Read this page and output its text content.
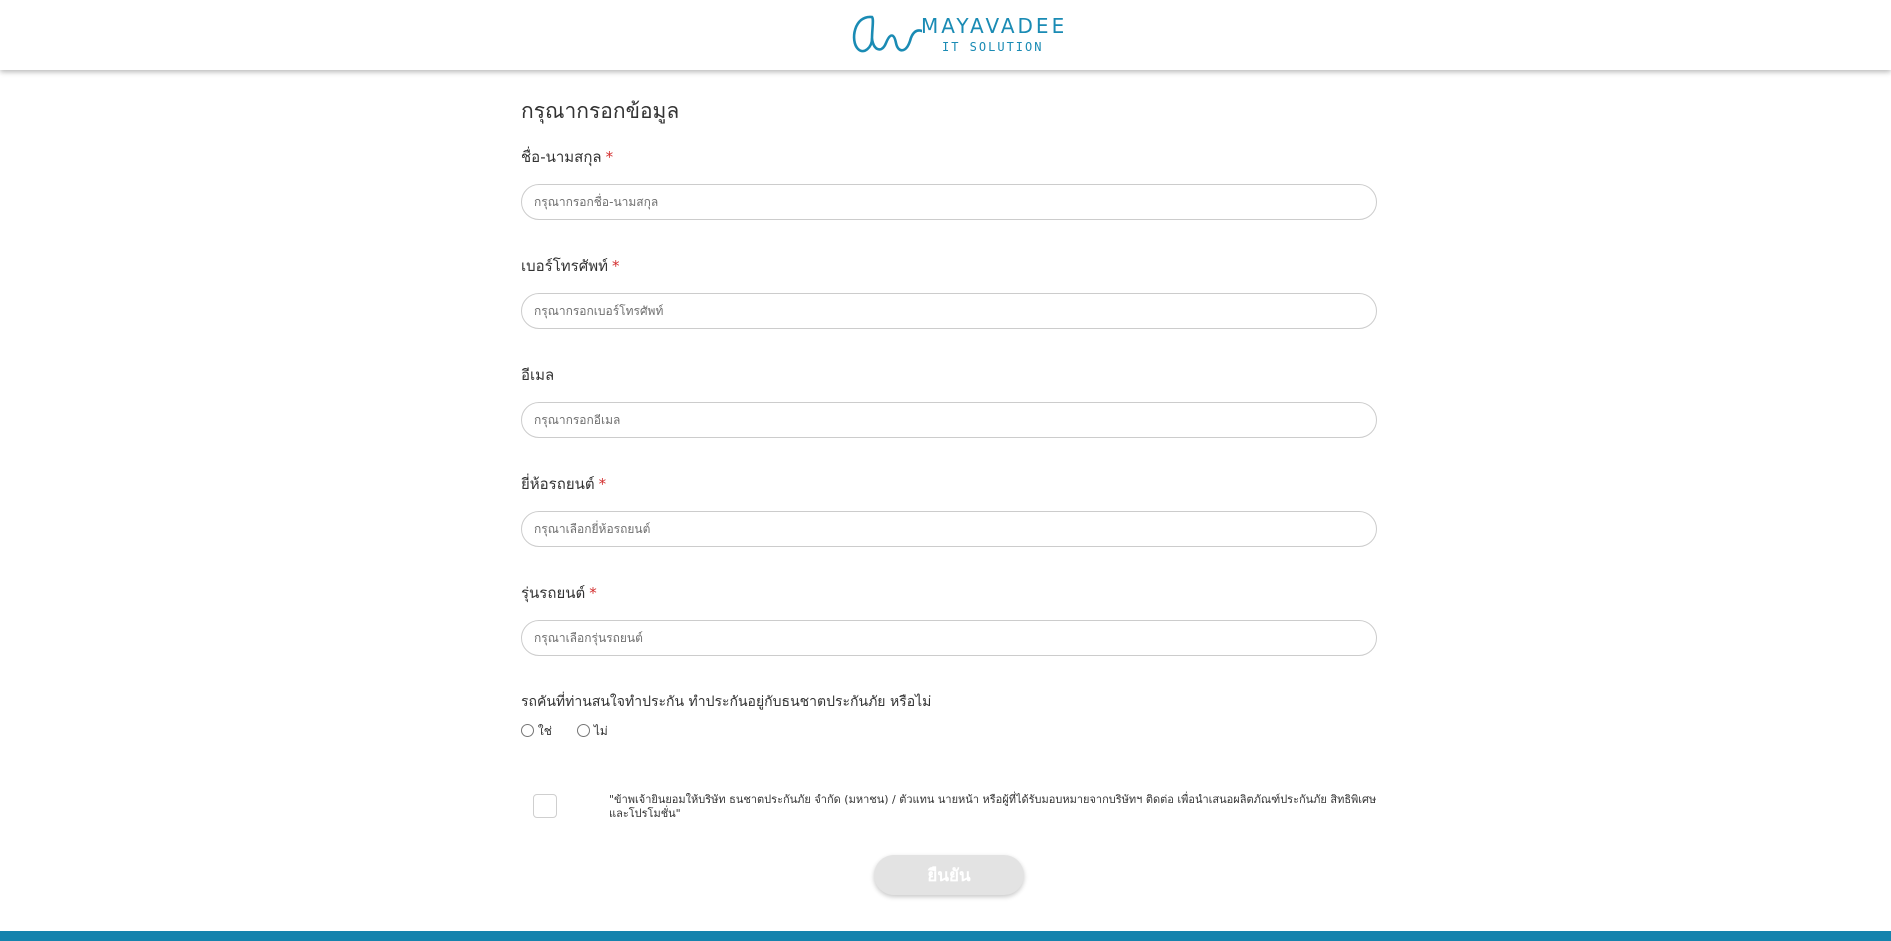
MAYAVADEE
IT SOLUTION
กรุณากรอกข้อมูล
ชื่อ-นามสกุล *
กรุณากรอกชื่อ-นามสกุล
เบอร์โทรศัพท์ *
กรุณากรอกเบอร์โทรศัพท์
อีเมล
กรุณากรอกอีเมล
ยี่ห้อรถยนต์ *
กรุณาเลือกยี่ห้อรถยนต์
รุ่นรถยนต์ *
กรุณาเลือกรุ่นรถยนต์
รถคันที่ท่านสนใจทำประกัน ทำประกันอยู่กับธนชาตประกันภัย หรือไม่
ใช่	ไม่
"ข้าพเจ้ายินยอมให้บริษัท ธนชาตประกันภัย จำกัด (มหาชน) / ตัวแทน นายหน้า หรือผู้ที่ได้รับมอบหมายจากบริษัทฯ ติดต่อ เพื่อนำเสนอผลิตภัณฑ์ประกันภัย สิทธิพิเศษและโปรโมชั่น"
ยืนยัน
